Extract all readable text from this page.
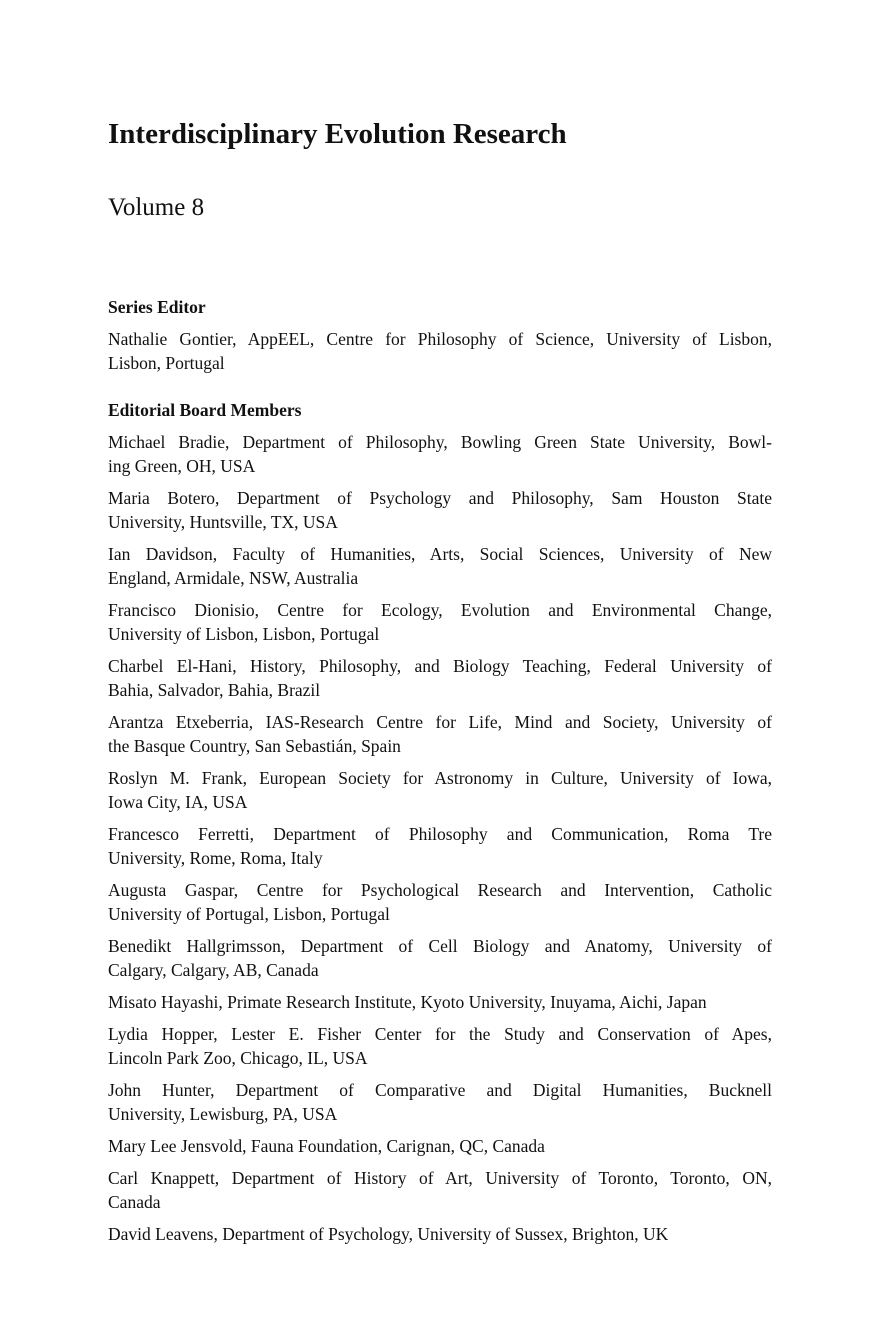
Interdisciplinary Evolution Research
Volume 8
Series Editor
Nathalie Gontier, AppEEL, Centre for Philosophy of Science, University of Lisbon,
Lisbon, Portugal
Editorial Board Members
Michael Bradie, Department of Philosophy, Bowling Green State University, Bowl-
ing Green, OH, USA
Maria Botero, Department of Psychology and Philosophy, Sam Houston State
University, Huntsville, TX, USA
Ian Davidson, Faculty of Humanities, Arts, Social Sciences, University of New
England, Armidale, NSW, Australia
Francisco Dionisio, Centre for Ecology, Evolution and Environmental Change,
University of Lisbon, Lisbon, Portugal
Charbel El-Hani, History, Philosophy, and Biology Teaching, Federal University of
Bahia, Salvador, Bahia, Brazil
Arantza Etxeberria, IAS-Research Centre for Life, Mind and Society, University of
the Basque Country, San Sebastián, Spain
Roslyn M. Frank, European Society for Astronomy in Culture, University of Iowa,
Iowa City, IA, USA
Francesco Ferretti, Department of Philosophy and Communication, Roma Tre
University, Rome, Roma, Italy
Augusta Gaspar, Centre for Psychological Research and Intervention, Catholic
University of Portugal, Lisbon, Portugal
Benedikt Hallgrimsson, Department of Cell Biology and Anatomy, University of
Calgary, Calgary, AB, Canada
Misato Hayashi, Primate Research Institute, Kyoto University, Inuyama, Aichi, Japan
Lydia Hopper, Lester E. Fisher Center for the Study and Conservation of Apes,
Lincoln Park Zoo, Chicago, IL, USA
John Hunter, Department of Comparative and Digital Humanities, Bucknell
University, Lewisburg, PA, USA
Mary Lee Jensvold, Fauna Foundation, Carignan, QC, Canada
Carl Knappett, Department of History of Art, University of Toronto, Toronto, ON,
Canada
David Leavens, Department of Psychology, University of Sussex, Brighton, UK
